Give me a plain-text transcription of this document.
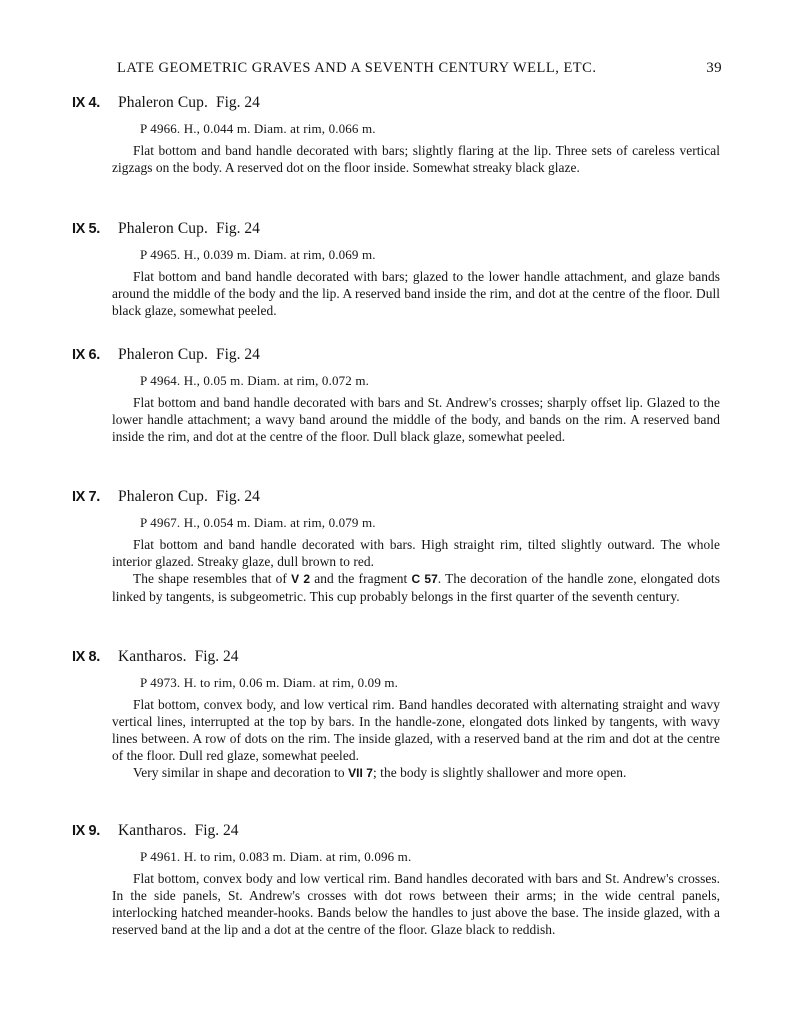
LATE GEOMETRIC GRAVES AND A SEVENTH CENTURY WELL, ETC.	39
IX 4. Phaleron Cup. Fig. 24
P 4966. H., 0.044 m. Diam. at rim, 0.066 m.

Flat bottom and band handle decorated with bars; slightly flaring at the lip. Three sets of careless vertical zigzags on the body. A reserved dot on the floor inside. Somewhat streaky black glaze.

IX 5. Phaleron Cup. Fig. 24
P 4965. H., 0.039 m. Diam. at rim, 0.069 m.

Flat bottom and band handle decorated with bars; glazed to the lower handle attachment, and glaze bands around the middle of the body and the lip. A reserved band inside the rim, and dot at the centre of the floor. Dull black glaze, somewhat peeled.

IX 6. Phaleron Cup. Fig. 24
P 4964. H., 0.05 m. Diam. at rim, 0.072 m.

Flat bottom and band handle decorated with bars and St. Andrew's crosses; sharply offset lip. Glazed to the lower handle attachment; a wavy band around the middle of the body, and bands on the rim. A reserved band inside the rim, and dot at the centre of the floor. Dull black glaze, somewhat peeled.

IX 7. Phaleron Cup. Fig. 24
P 4967. H., 0.054 m. Diam. at rim, 0.079 m.

Flat bottom and band handle decorated with bars. High straight rim, tilted slightly outward. The whole interior glazed. Streaky glaze, dull brown to red.

The shape resembles that of V 2 and the fragment C 57. The decoration of the handle zone, elongated dots linked by tangents, is subgeometric. This cup probably belongs in the first quarter of the seventh century.

IX 8. Kantharos. Fig. 24
P 4973. H. to rim, 0.06 m. Diam. at rim, 0.09 m.

Flat bottom, convex body, and low vertical rim. Band handles decorated with alternating straight and wavy vertical lines, interrupted at the top by bars. In the handle-zone, elongated dots linked by tangents, with wavy lines between. A row of dots on the rim. The inside glazed, with a reserved band at the rim and dot at the centre of the floor. Dull red glaze, somewhat peeled.

Very similar in shape and decoration to VII 7; the body is slightly shallower and more open.

IX 9. Kantharos. Fig. 24
P 4961. H. to rim, 0.083 m. Diam. at rim, 0.096 m.

Flat bottom, convex body and low vertical rim. Band handles decorated with bars and St. Andrew's crosses. In the side panels, St. Andrew's crosses with dot rows between their arms; in the wide central panels, interlocking hatched meander-hooks. Bands below the handles to just above the base. The inside glazed, with a reserved band at the lip and a dot at the centre of the floor. Glaze black to reddish.
